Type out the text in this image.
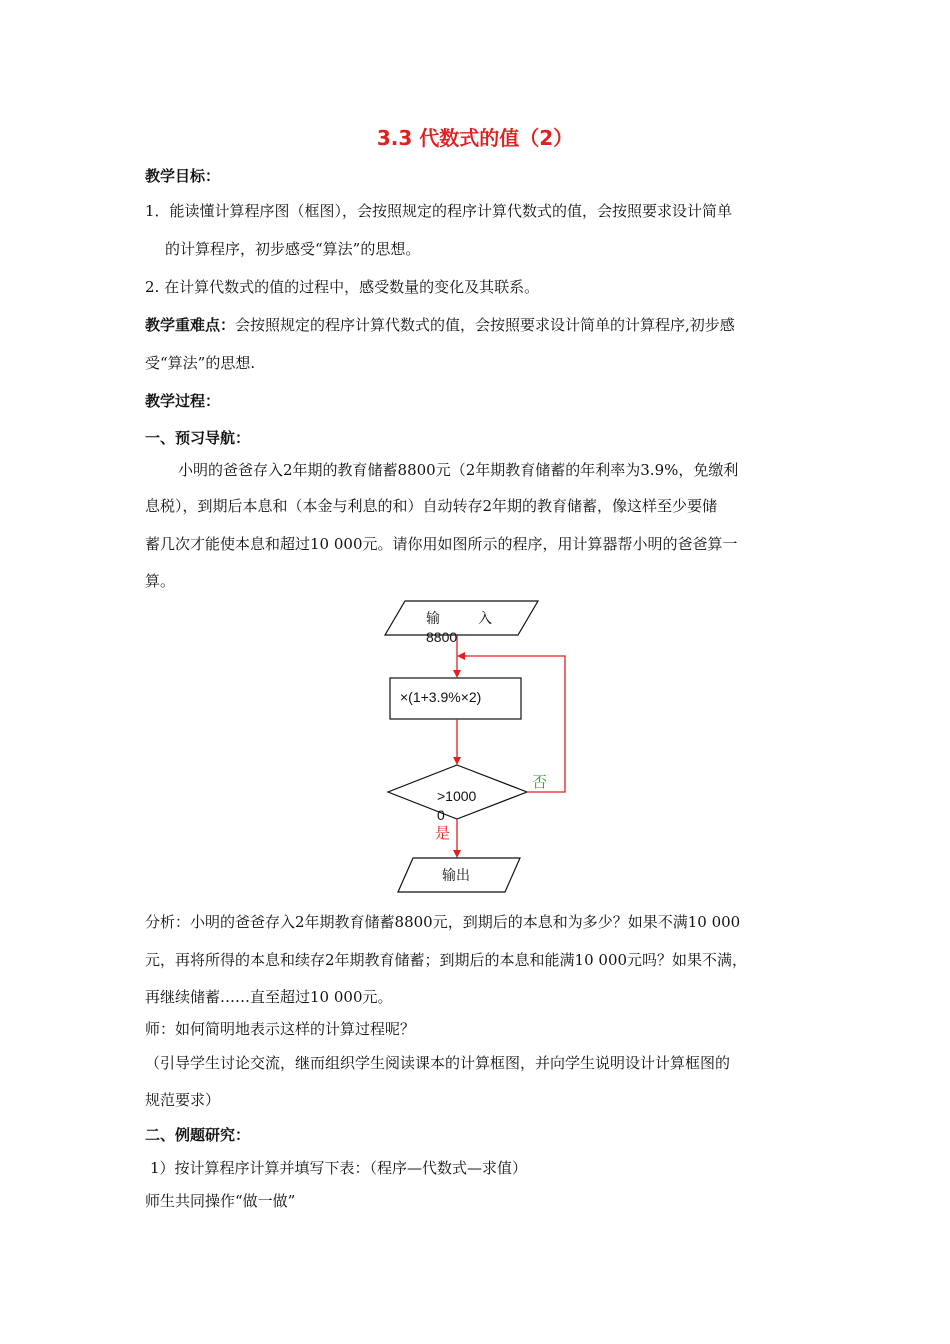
3.3 代数式的值（2）
教学目标：
1．能读懂计算程序图（框图），会按照规定的程序计算代数式的值，会按照要求设计简单
的计算程序，初步感受“算法”的思想。
2. 在计算代数式的值的过程中，感受数量的变化及其联系。
教学重难点：会按照规定的程序计算代数式的值，会按照要求设计简单的计算程序,初步感
受“算法”的思想.
教学过程：
一、预习导航：
小明的爸爸存入2年期的教育储蓄8800元（2年期教育储蓄的年利率为3.9%，免缴利
息税），到期后本息和（本金与利息的和）自动转存2年期的教育储蓄，像这样至少要储
蓄几次才能使本息和超过10 000元。请你用如图所示的程序，用计算器帮小明的爸爸算一
算。
输	入
8800
×(1+3.9%×2)
>1000
0
否
是
输出
分析：小明的爸爸存入2年期教育储蓄8800元，到期后的本息和为多少？如果不满10 000
元，再将所得的本息和续存2年期教育储蓄；到期后的本息和能满10 000元吗？如果不满，
再继续储蓄……直至超过10 000元。
师：如何简明地表示这样的计算过程呢？
（引导学生讨论交流，继而组织学生阅读课本的计算框图，并向学生说明设计计算框图的
规范要求）
二、例题研究：
1）按计算程序计算并填写下表：（程序—代数式—求值）
师生共同操作“做一做”
